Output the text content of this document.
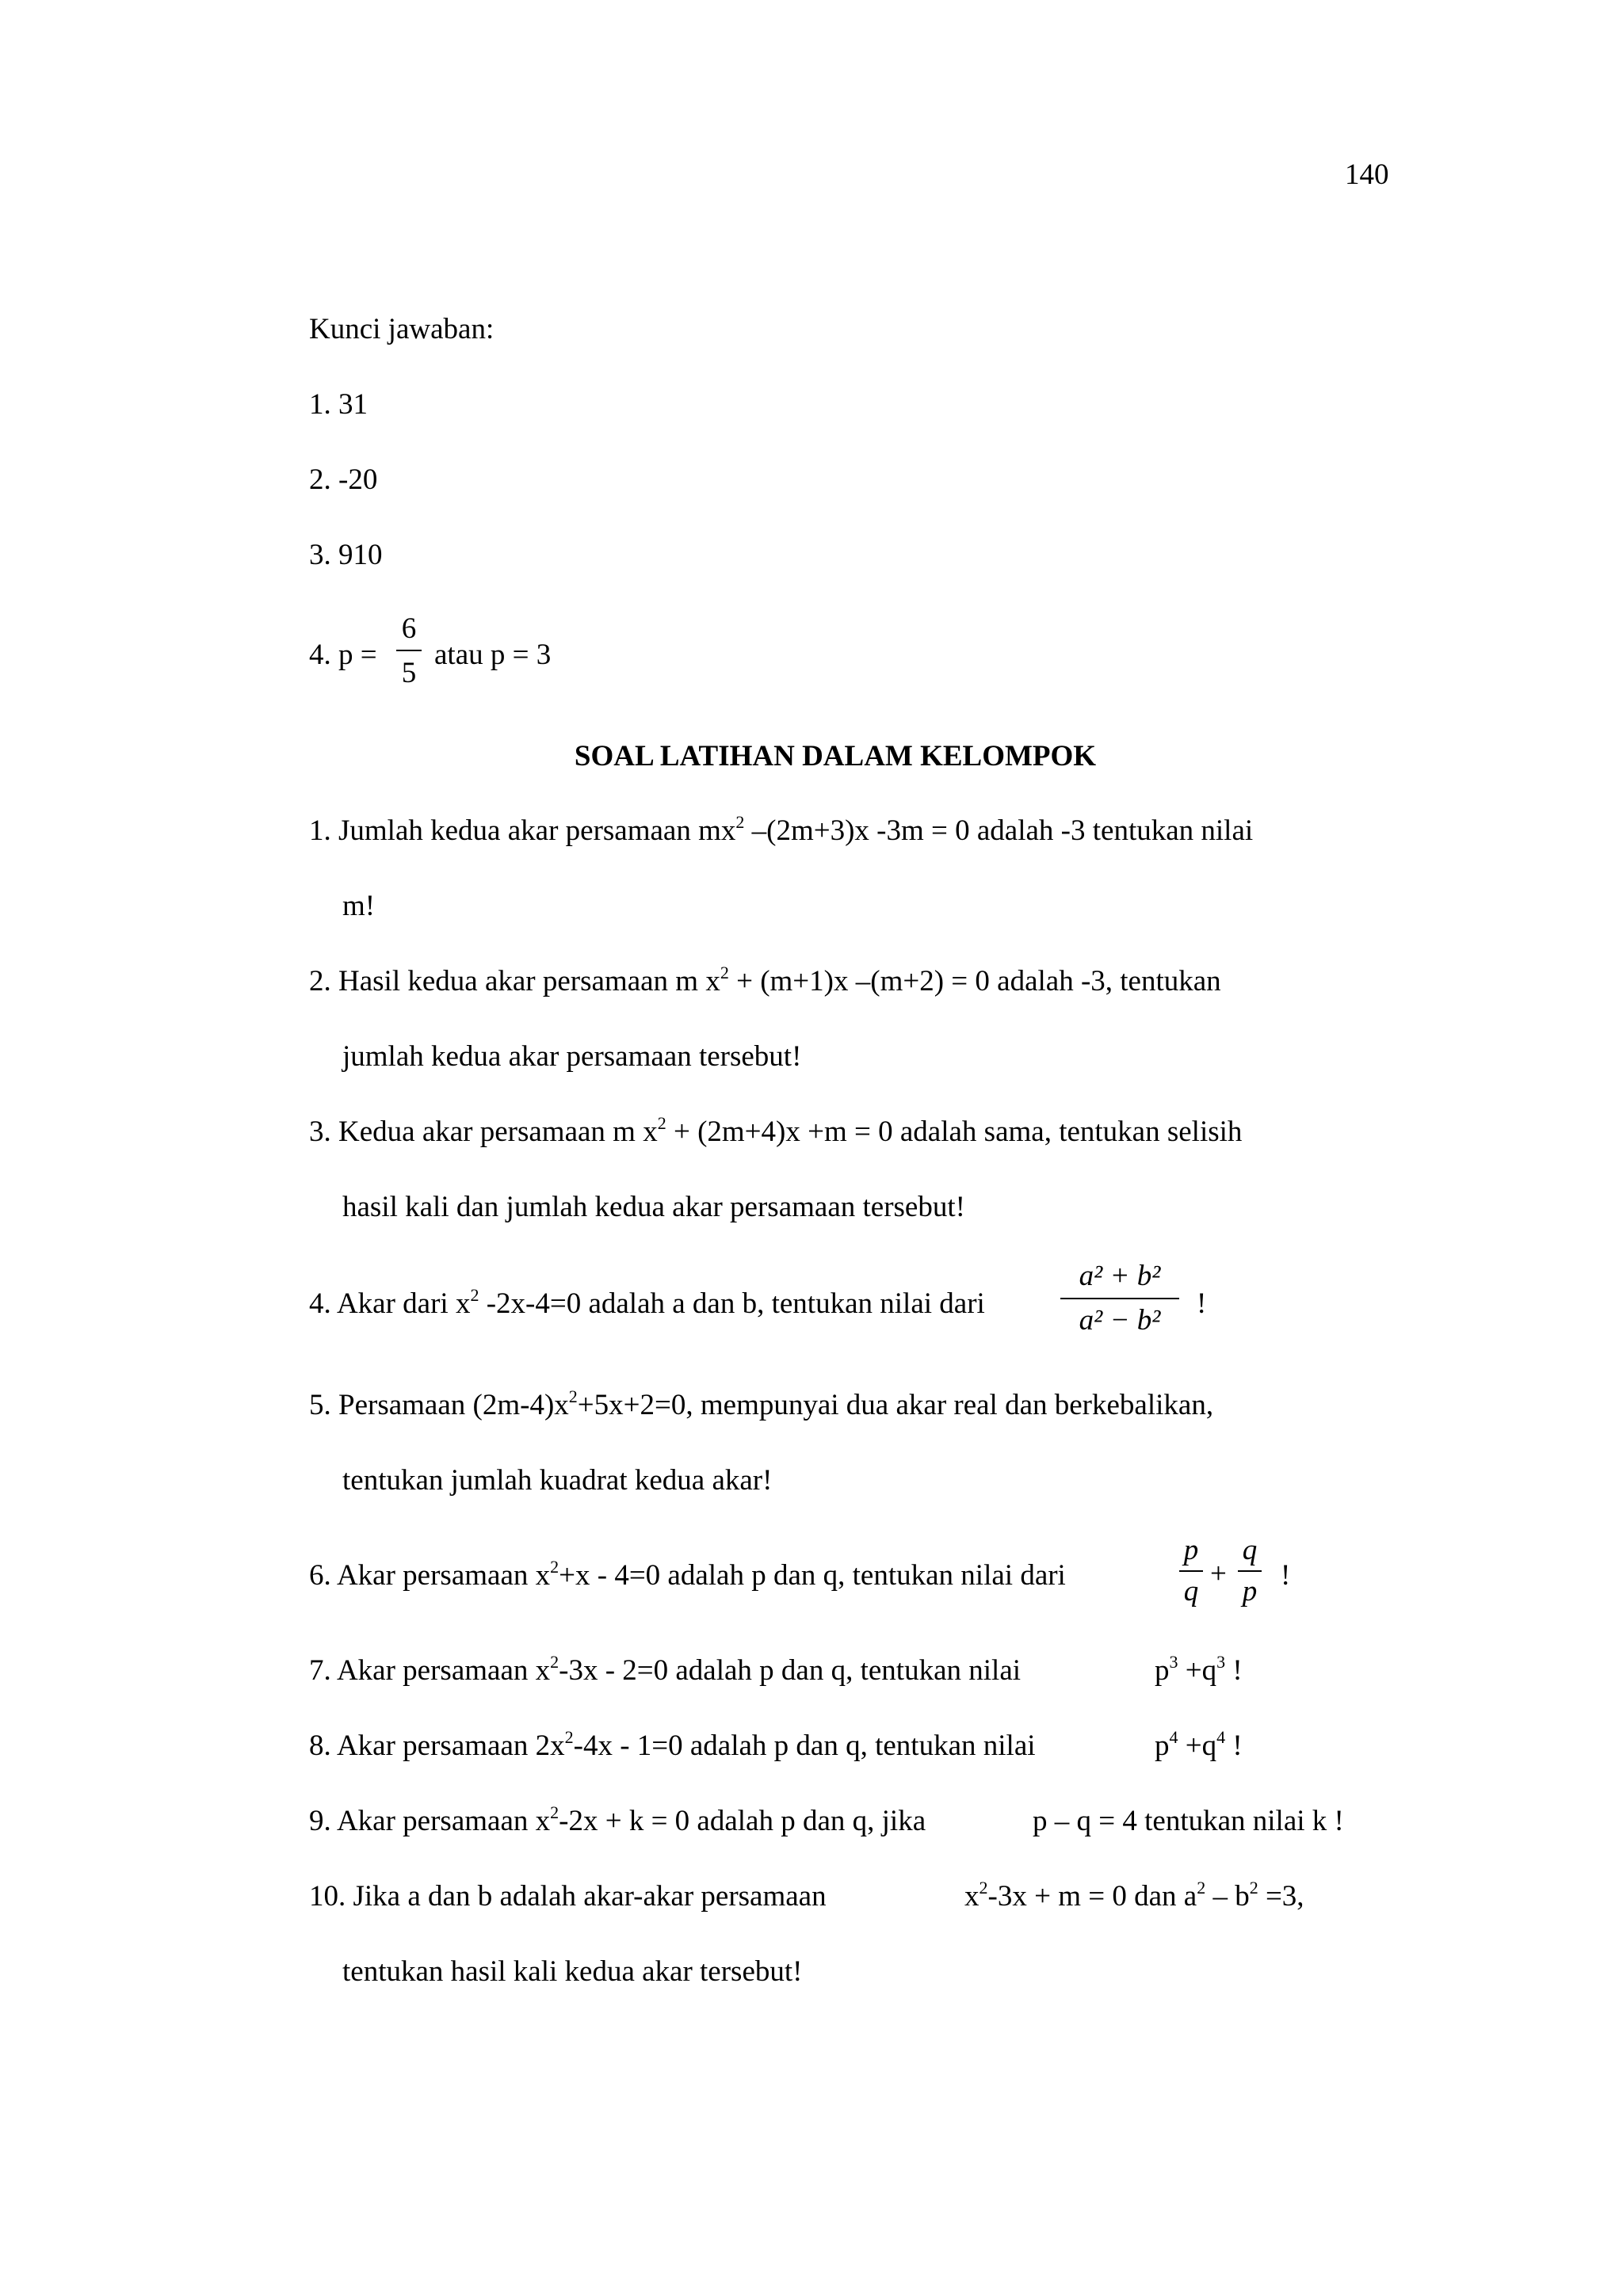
140
Kunci jawaban:
1. 31
2. -20
3. 910
4. p =
6
5
atau p = 3
SOAL LATIHAN DALAM KELOMPOK
1. Jumlah kedua akar persamaan $mx^2$ –(2m+3)x -3m = 0 adalah -3 tentukan nilai
m!
2. Hasil kedua akar persamaan m $x^2 + (m+1)x$ –(m+2) = 0 adalah -3, tentukan
jumlah kedua akar persamaan tersebut!
3. Kedua akar persamaan m $x^2 + (2m+4)x +m = 0$ adalah sama, tentukan selisih
hasil kali dan jumlah kedua akar persamaan tersebut!
4. Akar dari $x^2$ -2x-4=0 adalah a dan b, tentukan nilai dari
a² + b²
a² − b²
!
5. Persamaan $(2m-4)x^2+5x+2=0$, mempunyai dua akar real dan berkebalikan,
tentukan jumlah kuadrat kedua akar!
6. Akar persamaan $x^2+x - 4=0$ adalah p dan q, tentukan nilai dari
p
q
+
q
p !
7. Akar persamaan $x^2-3x - 2=0$ adalah p dan q, tentukan nilai	$p^3 +q^3$ !
8. Akar persamaan $2x^2-4x - 1=0$ adalah p dan q, tentukan nilai	$p^4 +q^4$ !
9. Akar persamaan $x^2-2x + k = 0$ adalah p dan q, jika	p – q = 4 tentukan nilai k !
10. Jika a dan b adalah akar-akar persamaan	$x^2-3x + m = 0$ dan $a^2 - b^2 =3$,
tentukan hasil kali kedua akar tersebut!
